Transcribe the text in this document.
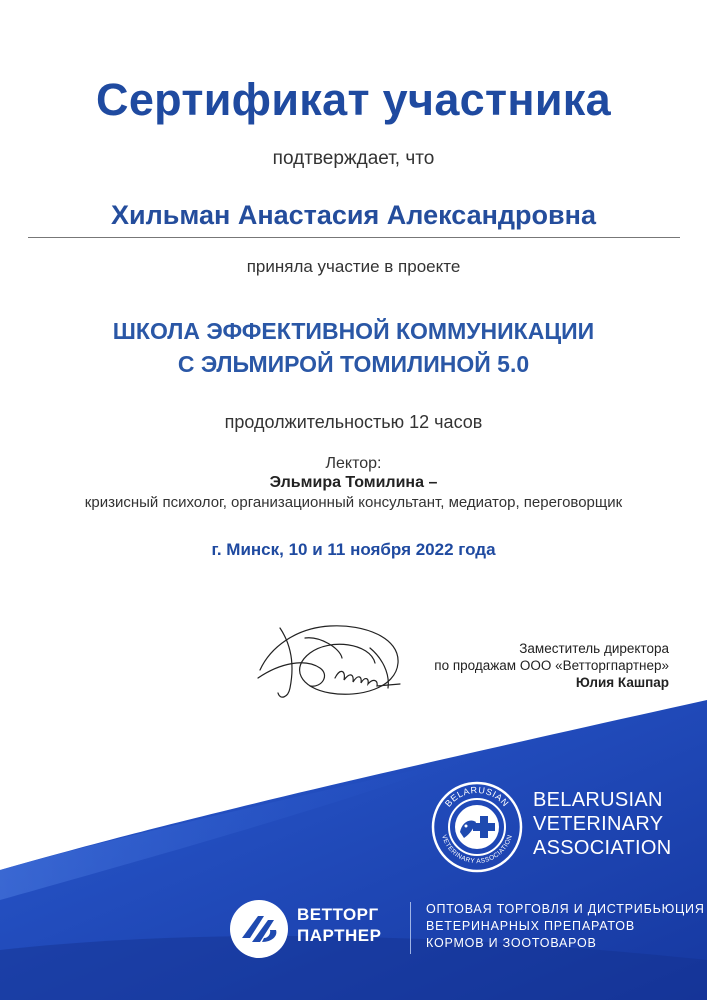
Сертификат участника
подтверждает, что
Хильман Анастасия Александровна
приняла участие в проекте
ШКОЛА ЭФФЕКТИВНОЙ КОММУНИКАЦИИ
С ЭЛЬМИРОЙ ТОМИЛИНОЙ 5.0
продолжительностью 12 часов
Лектор:
Эльмира Томилина –
кризисный психолог, организационный консультант, медиатор, переговорщик
г. Минск, 10 и 11 ноября 2022 года
Заместитель директора
по продажам ООО «Ветторгпартнер»
Юлия Кашпар
BELARUSIAN
VETERINARY ASSOCIATION
BELARUSIAN
VETERINARY
ASSOCIATION
ВЕТТОРГ
ПАРТНЕР
ОПТОВАЯ ТОРГОВЛЯ И ДИСТРИБЬЮЦИЯ
ВЕТЕРИНАРНЫХ ПРЕПАРАТОВ
КОРМОВ И ЗООТОВАРОВ
